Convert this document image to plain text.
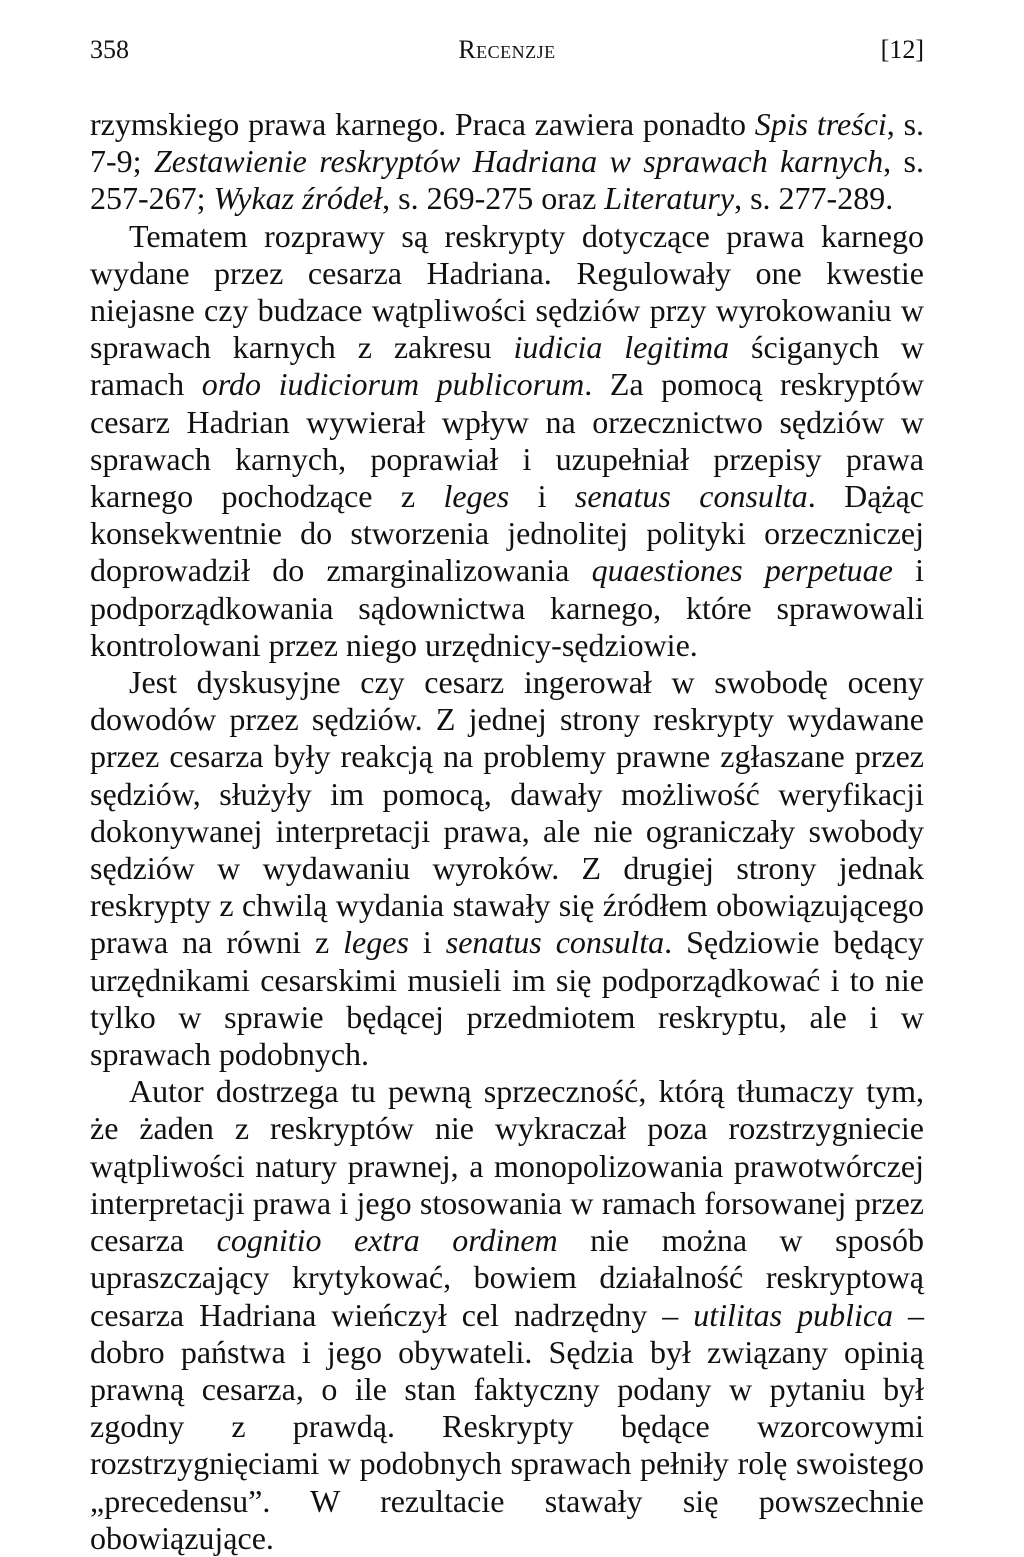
358	Recenzje	[12]

rzymskiego prawa karnego. Praca zawiera ponadto Spis treści, s. 7-9; Zestawienie reskryptów Hadriana w sprawach karnych, s. 257-267; Wykaz źródeł, s. 269-275 oraz Literatury, s. 277-289.

Tematem rozprawy są reskrypty dotyczące prawa karnego wydane przez cesarza Hadriana. Regulowały one kwestie niejasne czy budzace wątpliwości sędziów przy wyrokowaniu w sprawach karnych z zakresu iudicia legitima ściganych w ramach ordo iudiciorum publicorum. Za pomocą reskryptów cesarz Hadrian wywierał wpływ na orzecznictwo sędziów w sprawach karnych, poprawiał i uzupełniał przepisy prawa karnego pochodzące z leges i senatus consulta. Dążąc konsekwentnie do stworzenia jednolitej polityki orzeczniczej doprowadził do zmarginalizowania quaestiones perpetuae i podporządkowania sądownictwa karnego, które sprawowali kontrolowani przez niego urzędnicy-sędziowie.

Jest dyskusyjne czy cesarz ingerował w swobodę oceny dowodów przez sędziów. Z jednej strony reskrypty wydawane przez cesarza były reakcją na problemy prawne zgłaszane przez sędziów, służyły im pomocą, dawały możliwość weryfikacji dokonywanej interpretacji prawa, ale nie ograniczały swobody sędziów w wydawaniu wyroków. Z drugiej strony jednak reskrypty z chwilą wydania stawały się źródłem obowiązującego prawa na równi z leges i senatus consulta. Sędziowie będący urzędnikami cesarskimi musieli im się podporządkować i to nie tylko w sprawie będącej przedmiotem reskryptu, ale i w sprawach podobnych.

Autor dostrzega tu pewną sprzeczność, którą tłumaczy tym, że żaden z reskryptów nie wykraczał poza rozstrzygniecie wątpliwości natury prawnej, a monopolizowania prawotwórczej interpretacji prawa i jego stosowania w ramach forsowanej przez cesarza cognitio extra ordinem nie można w sposób upraszczający krytykować, bowiem działalność reskryptową cesarza Hadriana wieńczył cel nadrzędny – utilitas publica – dobro państwa i jego obywateli. Sędzia był związany opinią prawną cesarza, o ile stan faktyczny podany w pytaniu był zgodny z prawdą. Reskrypty będące wzorcowymi rozstrzygnięciami w podobnych sprawach pełniły rolę swoistego „precedensu”. W rezultacie stawały się powszechnie obowiązujące.
